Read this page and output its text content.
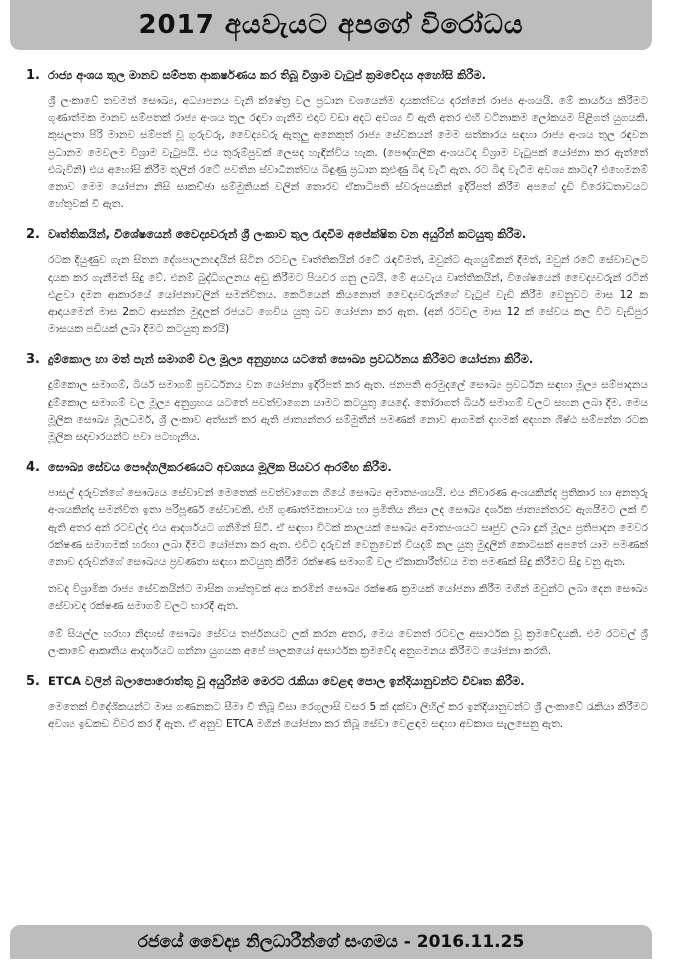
2017 අයවැයට අපගේ විරෝධය
1. රාජ්‍ය අංශය තුල මානව සම්පත ආකර්ෂණය කර තිබූ විශ්‍රාම වැටුප් ක්‍රමවේදය අහෝසි කිරීම.

ශ්‍රී ලංකාවේ තවමත් සෞඛ්‍ය, අධ්‍යාපනය වැනි ක්ෂේත්‍ර වල ප්‍රධාන වශයෙන්ම දායකත්වය දරන්නේ රාජ්‍ය අංශයයි. මේ කාර්යය කිරීමට ගුණාත්මක මානව සම්පතක් රාජ්‍ය අංශය තුල රඳවා ගැනීම එදාට වඩා අදට අවශ්‍ය වී ඇති අතර එහි වටිනාකම ලෝකයම පිළිගත් යුගයකි. කුසලතා පිරි මානව සම්පත් වූ ගුරුවරු, වෛද්‍යවරු ඇතුලු අනෙකුත් රාජ්‍ය සේවකයන් මෙම සත්කාරය සඳහා රාජ්‍ය අංශය තුල රඳවන ප්‍රධානම මෙවලම විශ්‍රාම වැටුපයි. එය තුරුම්පුවක් ලෙසද හැඳින්විය හැක. (පෞද්ගලික අංශයටද විශ්‍රාම වැටුපක් යෝජනා කර ඇත්තේ එබැවිනි) එය අහෝසි කිරීම තුලින් රටේ පවතින ස්වාධීනත්වය බිඳුණු ප්‍රධාන කුළුණු බිඳ වැටී ඇත. රට බිඳ වැටීම අවශ්‍ය කාටද? එහෙමනම් නොව මෙම යෝජනා නිසි සාකච්ඡා සම්මුතියක් වලින් තොරව ඒකාධිපති ස්වරූපයකින් ඉදිරිපත් කිරීම අපගේ දැඩි විරෝධතාවයට හේතුවක් වී ඇත.

2. වෘත්තිකයින්, විශේෂයෙන් වෛද්‍යවරුන් ශ්‍රී ලංකාව තුල රැඳවීම අපේක්ෂිත වන අයුරින් කටයුතු කිරීම.

රටක දියුණුව ගැන සිතන දේශපාලනඥයින් සිටින රටවල වෘත්තිකයින් රටේ රැඳවීමත්, ඔවුන්ට ඇගයුම්කන් දීමත්, ඔවුන් රටේ සේවාවලට දායක කර ගැනීමත් සිදු වේ. එනම් බුද්ධිගලනය අඩු කිරීමට පියවර ගනු ලබයි. මේ අයවැය වෘත්තිකයින්, විශේෂයෙන් වෛද්‍යවරුන් රටින් එළවා දමන ආකාරයේ යෝජනාවලින් සමන්විතය. කෙටියෙන් කියනොත් වෛද්‍යවරුන්ගේ වැටුප් වැඩි කිරීම වෙනුවට මාස 12 ක ආදායමෙන් මාස 2කට ආසන්න මුදලක් රජයට ගෙවිය යුතු බව යෝජනා කර ඇත. (අන් රටවල මාස 12 ක් සේවය කල විට වැඩිපුර මාසයක පඩියක් ලබා දීමට කටයුතු කරයි)

3. දුම්කොල හා මත් පැන් සමාගම් වල මූල්‍ය අනුග්‍රහය යටතේ සෞඛ්‍ය ප්‍රවර්ධනය කිරීමට යෝජනා කිරීම.

දුම්කොල සමාගම්, බියර් සමාගම් ප්‍රවර්ධනය වන යෝජනා ඉදිරිපත් කර ඇත. ජනපති අරමුදලේ සෞඛ්‍ය ප්‍රවර්ධන සඳහා මූල්‍ය සම්පාදනය දුම්කොල සමාගම් වල මූල්‍ය අනුග්‍රහය යටතේ පවත්වාගෙන යාමට කටයුතු යෙදේ. තෝරාගත් බියර් සමාගම් වලට සහන ලබා දීම. මෙය මූලික සෞඛ්‍ය මූලධර්ම, ශ්‍රී ලංකාව අත්සන් කර ඇති ජාත්‍යන්තර සම්මුතීන් පමණක් නොව ආගමක් දහමක් අදහන ශිෂ්ඨ සම්පන්න රටක මූලික සදාචාරයන්ට පවා පටහැනිය.

4. සෞඛ්‍ය සේවය පෞද්ගලීකරණයට අවශ්‍යය මූලික පියවර ආරම්භ කිරීම.

පාසල් දරුවන්ගේ සෞඛ්‍යය සේවාවන් මෙතෙක් පවත්වාගෙන ගියේ සෞඛ්‍ය අමාත්‍යංශයයි. එය නිවාරණ අංශයකින්ද ප්‍රතිකාර හා අනතුරු අංශයකින්ද සමන්විත ඉතා පරිපූර්ණ සේවාවකි. එහි ගුණාත්මකභාවය හා ප්‍රමිතිය නිසා ලද සෞඛ්‍ය දර්ශක ජාත්‍යන්තරව ඇගයීමට ලක් වී ඇති අතර අන් රටවල්ද එය ආදර්ශයට ගනිමින් සිටී. ඒ සඳහා විටක් කාලයක් සෞඛ්‍ය අමාත්‍යංශයට සෘජුව ලබා දුන් මූල්‍ය ප්‍රතිපාදන මෙවර රක්ෂණ සමාගමක් හරහා ලබා දීමට යෝජනා කර ඇත. එවිට දරුවන් වෙනුවෙන් වියදම් කල යුතු මුදලින් කොටසක් අපතේ යාම පමණක් නොව දරුවන්ගේ සෞඛ්‍යය ප්‍රවණතා සඳහා කටයුතු කිරීම රක්ෂණ සමාගම් වල ඒකාකාරීත්වය මත පමණක් සිදු කිරීමට සිදු වනු ඇත.

තවද විශ්‍රාමික රාජ්‍ය සේවකයින්ට මාසික ගාස්තුවක් අය කරමින් සෞඛ්‍ය රක්ෂණ ක්‍රමයක් යෝජනා කිරීම මගින් ඔවුන්ට ලබා දෙන සෞඛ්‍ය සේවාවද රක්ෂණ සමාගම් වලට භාරදී ඇත.

මේ සියල්ල හරහා නිදහස් සෞඛ්‍ය සේවය තර්ජනයට ලක් කරන අතර, මෙය වෙනත් රටවල අසාර්ථක වූ ක්‍රමවේදයකි. එම රටවල් ශ්‍රී ලංකාවේ ආකෘතිය ආදර්ශයට ගන්නා යුගයක අපේ පාලකයෝ අසාර්ථක ක්‍රමවේද අනුගමනය කිරීමට යෝජනා කරති.

5. ETCA වලින් බලාපොරොත්තු වූ අයුරින්ම මෙරට රැකියා වෙළඳ පොල ඉන්දියානුවන්ට විවෘත කිරීම.

මෙතෙක් විදේශිකයන්ට මාස ගණනකට සීමා වී තිබූ වීසා රෙගුලාසි වසර 5 ක් දක්වා ලිහිල් කර ඉන්දියානුවන්ට ශ්‍රී ලංකාවේ රැකියා කිරීමට අවශ්‍ය ඉඩකඩ විවර කර දී ඇත. ඒ අනුව ETCA මගින් යෝජනා කර තිබූ සේවා වෙළඳාම සඳහා අවකාශ සැලසෙනු ඇත.

රජයේ වෛද්‍ය නිලධාරීන්ගේ සංගමය - 2016.11.25
